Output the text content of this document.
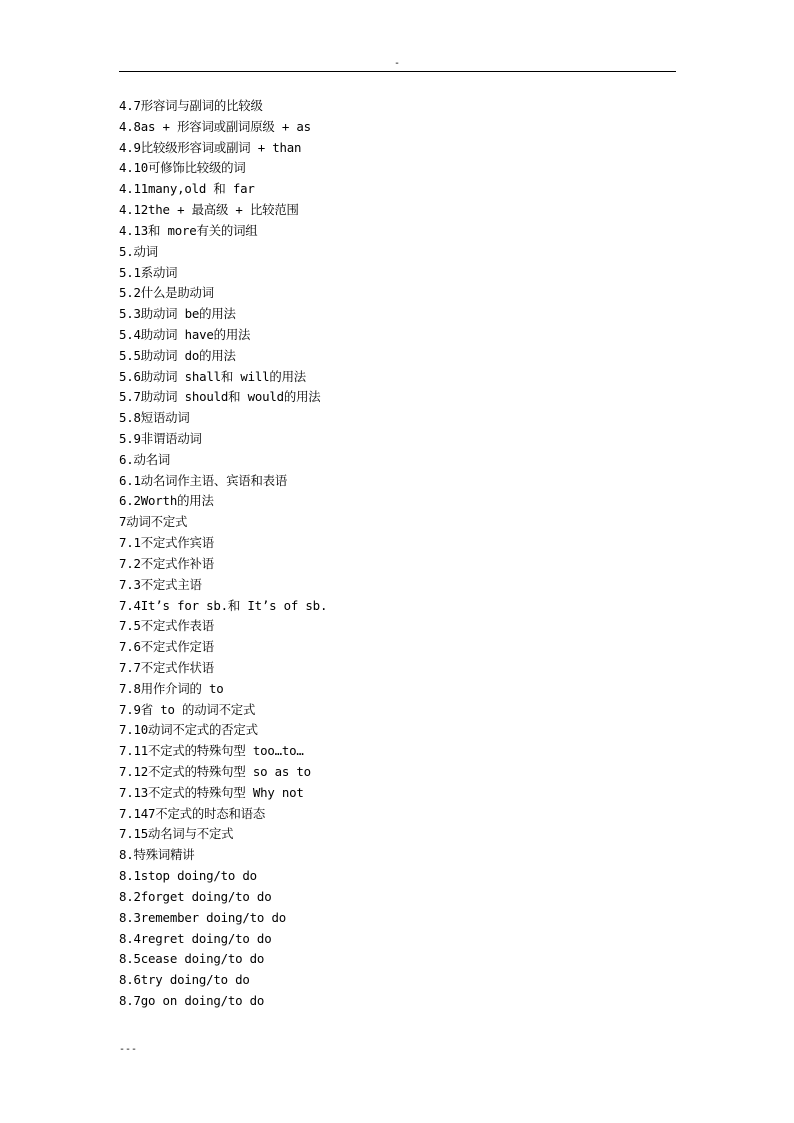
-
4.7形容词与副词的比较级
4.8as + 形容词或副词原级 + as
4.9比较级形容词或副词 + than
4.10可修饰比较级的词
4.11many,old 和 far
4.12the + 最高级 + 比较范围
4.13和 more有关的词组
5.动词
5.1系动词
5.2什么是助动词
5.3助动词 be的用法
5.4助动词 have的用法
5.5助动词 do的用法
5.6助动词 shall和 will的用法
5.7助动词 should和 would的用法
5.8短语动词
5.9非谓语动词
6.动名词
6.1动名词作主语、宾语和表语
6.2Worth的用法
7动词不定式
7.1不定式作宾语
7.2不定式作补语
7.3不定式主语
7.4It’s for sb.和 It’s of sb.
7.5不定式作表语
7.6不定式作定语
7.7不定式作状语
7.8用作介词的 to
7.9省 to 的动词不定式
7.10动词不定式的否定式
7.11不定式的特殊句型 too…to…
7.12不定式的特殊句型 so as to
7.13不定式的特殊句型 Why not
7.147不定式的时态和语态
7.15动名词与不定式
8.特殊词精讲
8.1stop doing/to do
8.2forget doing/to do
8.3remember doing/to do
8.4regret doing/to do
8.5cease doing/to do
8.6try doing/to do
8.7go on doing/to do
---
